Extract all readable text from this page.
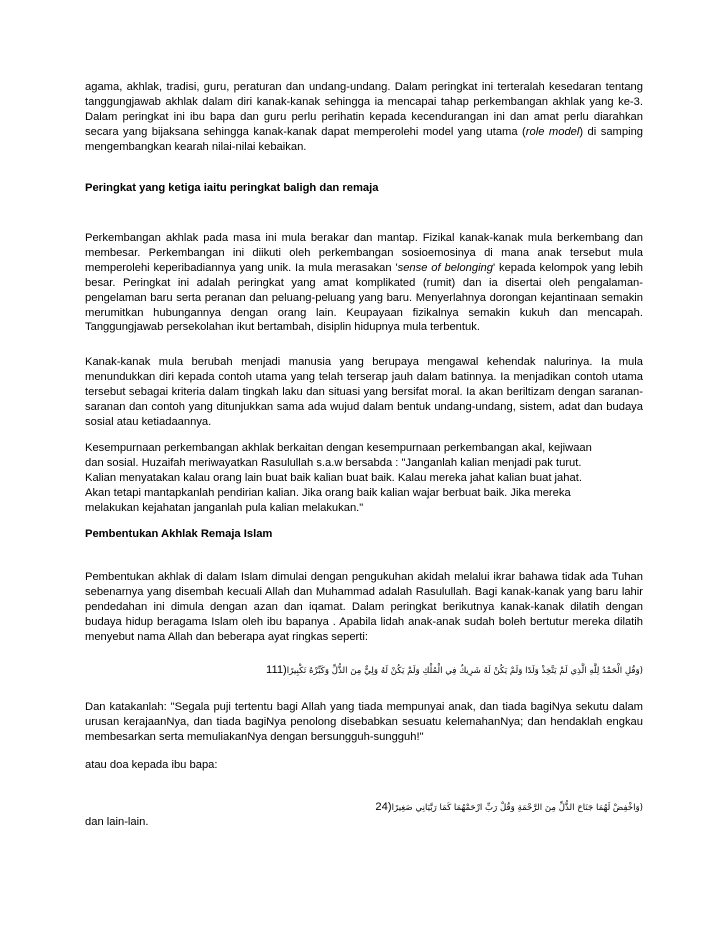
agama, akhlak, tradisi, guru, peraturan dan undang-undang. Dalam peringkat ini terteralah kesedaran tentang tanggungjawab akhlak dalam diri kanak-kanak sehingga ia mencapai tahap perkembangan akhlak yang ke-3. Dalam peringkat ini ibu bapa dan guru perlu perihatin kepada kecendurangan ini dan amat perlu diarahkan secara yang bijaksana sehingga kanak-kanak dapat memperolehi model yang utama (role model) di samping mengembangkan kearah nilai-nilai kebaikan.

Peringkat yang ketiga iaitu peringkat baligh dan remaja

Perkembangan akhlak pada masa ini mula berakar dan mantap. Fizikal kanak-kanak mula berkembang dan membesar. Perkembangan ini diikuti oleh perkembangan sosioemosinya di mana anak tersebut mula memperolehi keperibadiannya yang unik. Ia mula merasakan 'sense of belonging' kepada kelompok yang lebih besar. Peringkat ini adalah peringkat yang amat komplikated (rumit) dan ia disertai oleh pengalaman-pengelaman baru serta peranan dan peluang-peluang yang baru. Menyerlahnya dorongan kejantinaan semakin merumitkan hubungannya dengan orang lain. Keupayaan fizikalnya semakin kukuh dan mencapah. Tanggungjawab persekolahan ikut bertambah, disiplin hidupnya mula terbentuk.

Kanak-kanak mula berubah menjadi manusia yang berupaya mengawal kehendak nalurinya. Ia mula menundukkan diri kepada contoh utama yang telah terserap jauh dalam batinnya. Ia menjadikan contoh utama tersebut sebagai kriteria dalam tingkah laku dan situasi yang bersifat moral. Ia akan beriltizam dengan saranan-saranan dan contoh yang ditunjukkan sama ada wujud dalam bentuk undang-undang, sistem, adat dan budaya sosial atau ketiadaannya.

Kesempurnaan perkembangan akhlak berkaitan dengan kesempurnaan perkembangan akal, kejiwaan
dan sosial. Huzaifah meriwayatkan Rasulullah s.a.w bersabda : "Janganlah kalian menjadi pak turut.
Kalian menyatakan kalau orang lain buat baik kalian buat baik. Kalau mereka jahat kalian buat jahat.
Akan tetapi mantapkanlah pendirian kalian. Jika orang baik kalian wajar berbuat baik. Jika mereka
melakukan kejahatan janganlah pula kalian melakukan."

Pembentukan Akhlak Remaja Islam

Pembentukan akhlak di dalam Islam dimulai dengan pengukuhan akidah melalui ikrar bahawa tidak ada Tuhan sebenarnya yang disembah kecuali Allah dan Muhammad adalah Rasulullah. Bagi kanak-kanak yang baru lahir pendedahan ini dimula dengan azan dan iqamat. Dalam peringkat berikutnya kanak-kanak dilatih dengan budaya hidup beragama Islam oleh ibu bapanya . Apabila lidah anak-anak sudah boleh bertutur mereka dilatih menyebut nama Allah dan beberapa ayat ringkas seperti:

(وَقُلِ الْحَمْدُ لِلَّهِ الَّذِي لَمْ يَتَّخِذْ وَلَدًا وَلَمْ يَكُنْ لَهُ شَرِيكٌ فِي الْمُلْكِ وَلَمْ يَكُنْ لَهُ وَلِيٌّ مِنَ الذُّلِّ وَكَبِّرْهُ تَكْبِيرًا111)

Dan katakanlah: "Segala puji tertentu bagi Allah yang tiada mempunyai anak, dan tiada bagiNya sekutu dalam urusan kerajaanNya, dan tiada bagiNya penolong disebabkan sesuatu kelemahanNya; dan hendaklah engkau membesarkan serta memuliakanNya dengan bersungguh-sungguh!"

atau doa kepada ibu bapa:

(وَاخْفِضْ لَهُمَا جَنَاحَ الذُّلِّ مِنَ الرَّحْمَةِ وَقُلْ رَبِّ ارْحَمْهُمَا كَمَا رَبَّيَانِي صَغِيرًا24)

dan lain-lain.
